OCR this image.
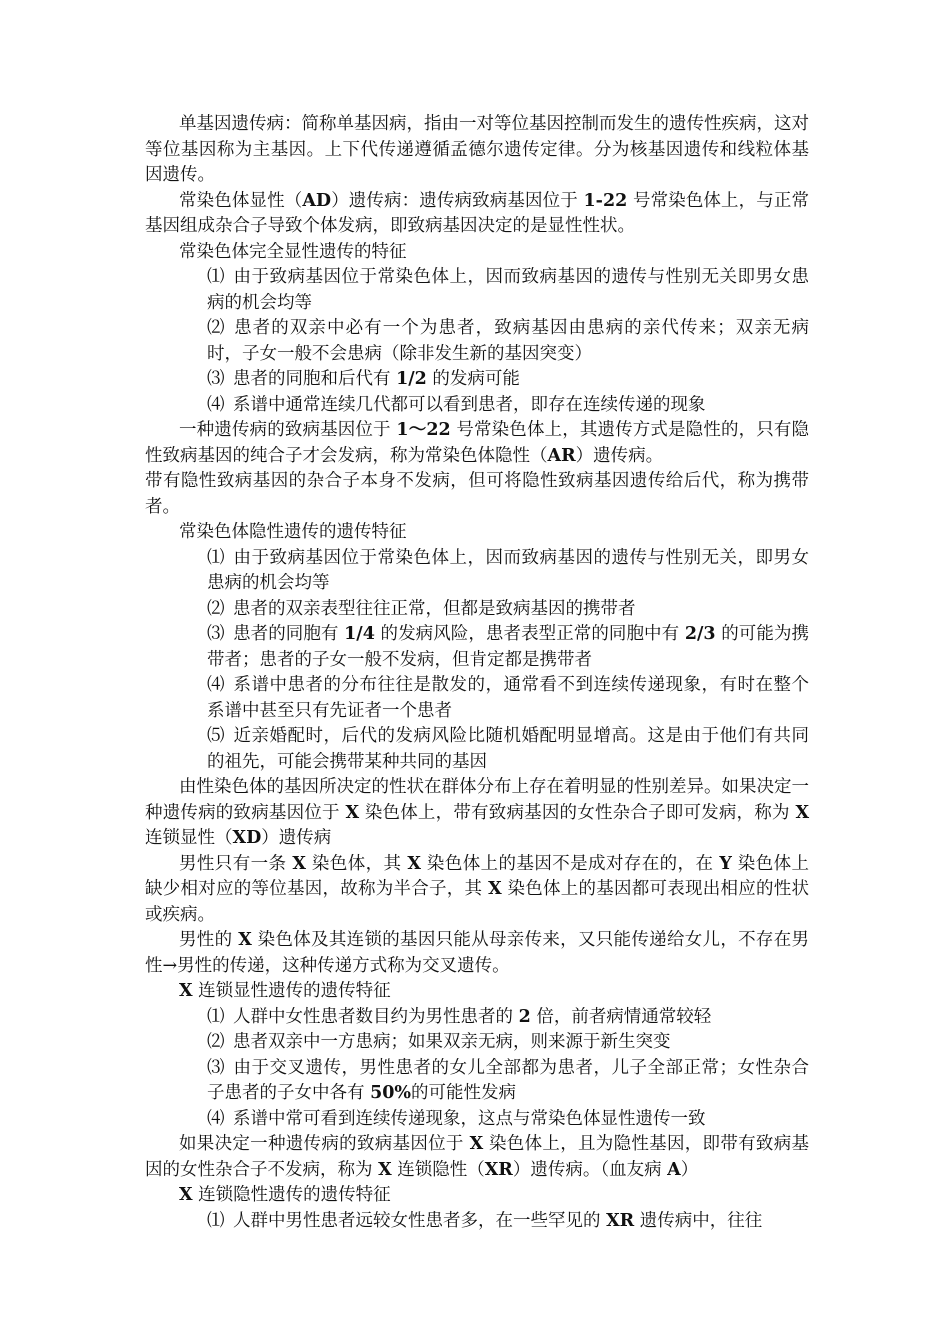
单基因遗传病：简称单基因病，指由一对等位基因控制而发生的遗传性疾病，这对等位基因称为主基因。上下代传递遵循孟德尔遗传定律。分为核基因遗传和线粒体基因遗传。

常染色体显性（AD）遗传病：遗传病致病基因位于 1-22 号常染色体上，与正常基因组成杂合子导致个体发病，即致病基因决定的是显性性状。

常染色体完全显性遗传的特征

⑴ 由于致病基因位于常染色体上，因而致病基因的遗传与性别无关即男女患病的机会均等

⑵ 患者的双亲中必有一个为患者，致病基因由患病的亲代传来；双亲无病时，子女一般不会患病（除非发生新的基因突变）

⑶ 患者的同胞和后代有 1/2 的发病可能

⑷ 系谱中通常连续几代都可以看到患者，即存在连续传递的现象

一种遗传病的致病基因位于 1～22 号常染色体上，其遗传方式是隐性的，只有隐性致病基因的纯合子才会发病，称为常染色体隐性（AR）遗传病。

带有隐性致病基因的杂合子本身不发病，但可将隐性致病基因遗传给后代，称为携带者。

常染色体隐性遗传的遗传特征

⑴ 由于致病基因位于常染色体上，因而致病基因的遗传与性别无关，即男女患病的机会均等

⑵ 患者的双亲表型往往正常，但都是致病基因的携带者

⑶ 患者的同胞有 1/4 的发病风险，患者表型正常的同胞中有 2/3 的可能为携带者；患者的子女一般不发病，但肯定都是携带者

⑷ 系谱中患者的分布往往是散发的，通常看不到连续传递现象，有时在整个系谱中甚至只有先证者一个患者

⑸ 近亲婚配时，后代的发病风险比随机婚配明显增高。这是由于他们有共同的祖先，可能会携带某种共同的基因

由性染色体的基因所决定的性状在群体分布上存在着明显的性别差异。如果决定一种遗传病的致病基因位于 X 染色体上，带有致病基因的女性杂合子即可发病，称为 X 连锁显性（XD）遗传病

男性只有一条 X 染色体，其 X 染色体上的基因不是成对存在的，在 Y 染色体上缺少相对应的等位基因，故称为半合子，其 X 染色体上的基因都可表现出相应的性状或疾病。

男性的 X 染色体及其连锁的基因只能从母亲传来，又只能传递给女儿，不存在男性→男性的传递，这种传递方式称为交叉遗传。

X 连锁显性遗传的遗传特征

⑴ 人群中女性患者数目约为男性患者的 2 倍，前者病情通常较轻

⑵ 患者双亲中一方患病；如果双亲无病，则来源于新生突变

⑶ 由于交叉遗传，男性患者的女儿全部都为患者，儿子全部正常；女性杂合子患者的子女中各有 50%的可能性发病

⑷ 系谱中常可看到连续传递现象，这点与常染色体显性遗传一致

如果决定一种遗传病的致病基因位于 X 染色体上，且为隐性基因，即带有致病基因的女性杂合子不发病，称为 X 连锁隐性（XR）遗传病。（血友病 A）

X 连锁隐性遗传的遗传特征

⑴ 人群中男性患者远较女性患者多，在一些罕见的 XR 遗传病中，往往
